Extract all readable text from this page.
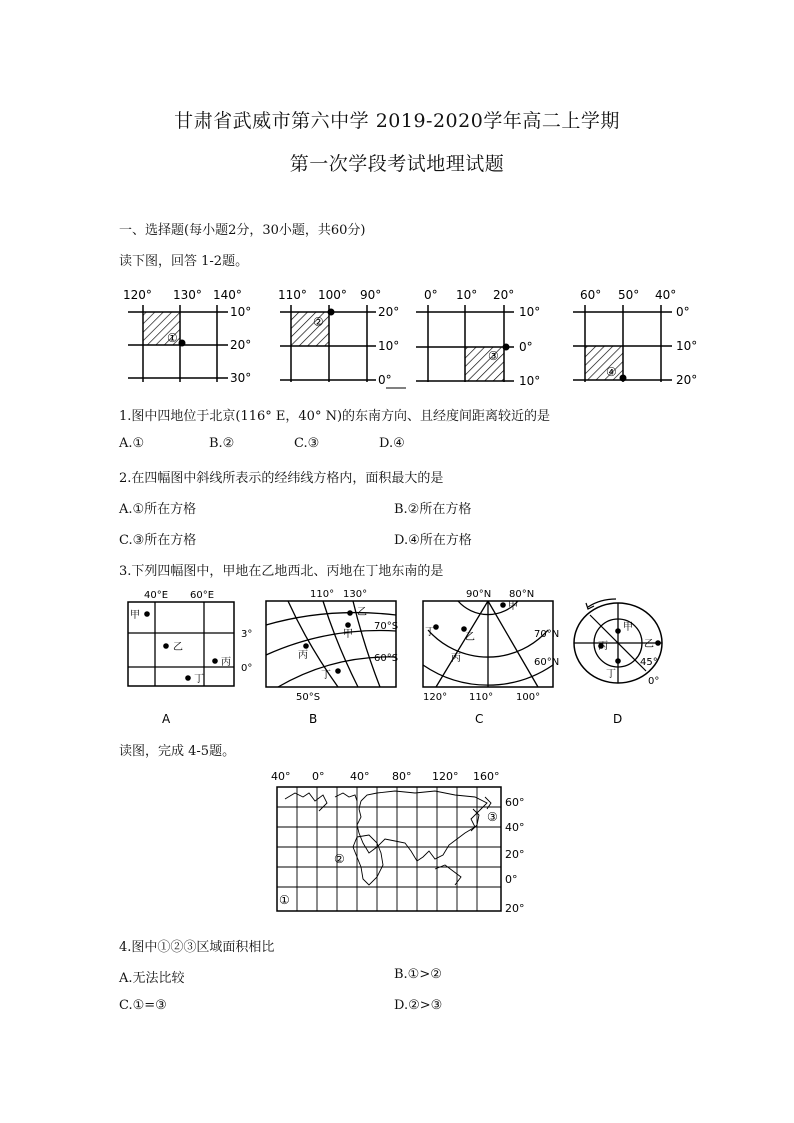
甘肃省武威市第六中学 2019-2020学年高二上学期
第一次学段考试地理试题
一、选择题(每小题2分，30小题，共60分)
读下图，回答 1-2题。
120° 130° 140°
①
10°
20°
30°
110° 100° 90°
②
20°
10°
0°
0° 10° 20°
③
10°
0°
10°
60° 50° 40°
④
0°
10°
20°
1.图中四地位于北京(116° E，40° N)的东南方向、且经度间距离较近的是
A.①	B.②	C.③	D.④
2.在四幅图中斜线所表示的经纬线方格内，面积最大的是
A.①所在方格	B.②所在方格
C.③所在方格	D.④所在方格
3.下列四幅图中，甲地在乙地西北、丙地在丁地东南的是
40°E 60°E
甲
乙
丙
丁
3°
0°
A
110° 130°
乙
甲
丙
丁
70°S
60°S
50°S
B
90°N 80°N
甲
丁	乙
丙
70°N
60°N
120° 110° 100°
C
甲
乙
丙
丁
45°
0°
D
读图，完成 4-5题。
40° 0° 40° 80° 120° 160°
②
①
③
60°
40°
20°
0°
20°
4.图中①②③区域面积相比
A.无法比较	B.①>②
C.①=③	D.②>③
